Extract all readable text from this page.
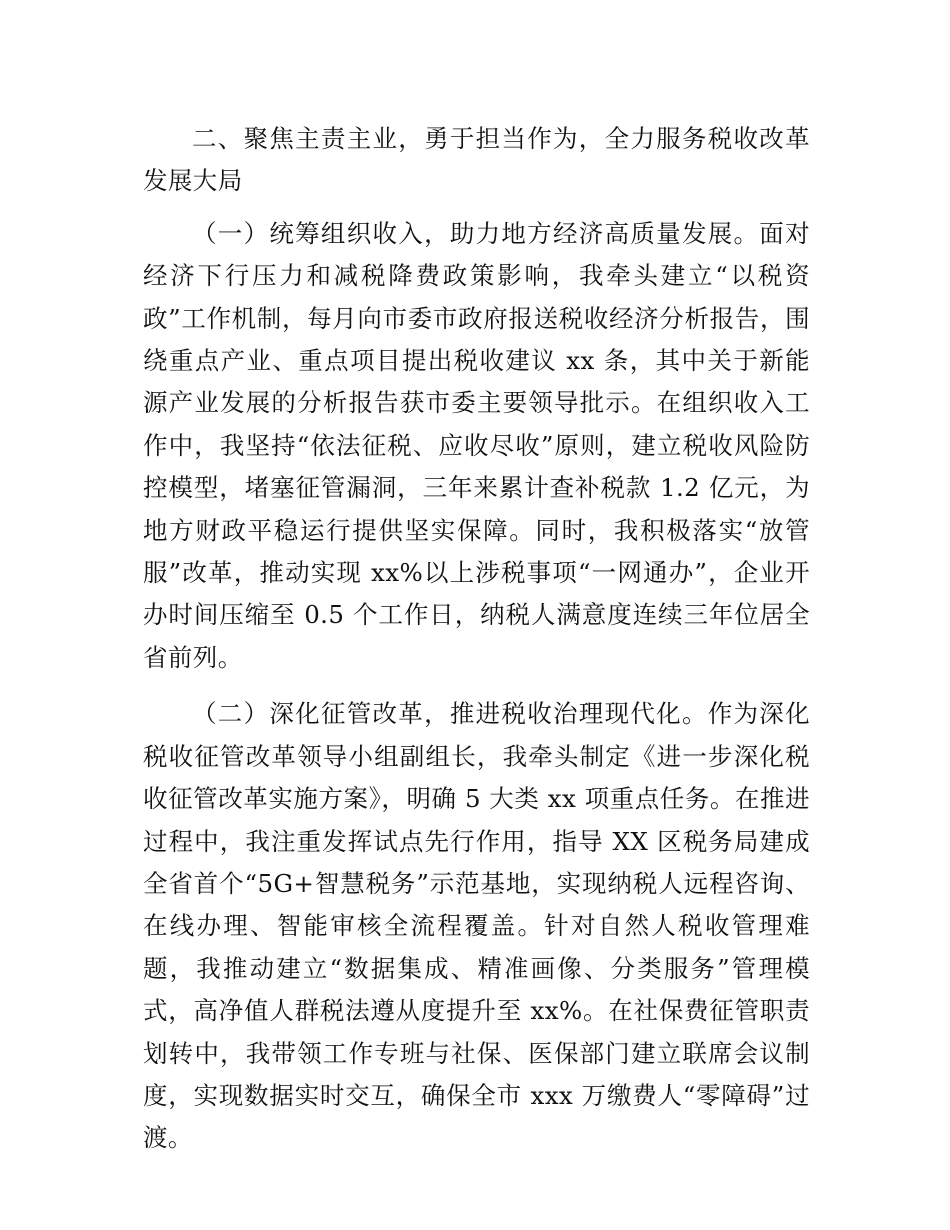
二、聚焦主责主业，勇于担当作为，全力服务税收改革发展大局

（一）统筹组织收入，助力地方经济高质量发展。面对经济下行压力和减税降费政策影响，我牵头建立“以税资政”工作机制，每月向市委市政府报送税收经济分析报告，围绕重点产业、重点项目提出税收建议 xx 条，其中关于新能源产业发展的分析报告获市委主要领导批示。在组织收入工作中，我坚持“依法征税、应收尽收”原则，建立税收风险防控模型，堵塞征管漏洞，三年来累计查补税款 1.2 亿元，为地方财政平稳运行提供坚实保障。同时，我积极落实“放管服”改革，推动实现 xx%以上涉税事项“一网通办”，企业开办时间压缩至 0.5 个工作日，纳税人满意度连续三年位居全省前列。

（二）深化征管改革，推进税收治理现代化。作为深化税收征管改革领导小组副组长，我牵头制定《进一步深化税收征管改革实施方案》，明确 5 大类 xx 项重点任务。在推进过程中，我注重发挥试点先行作用，指导 XX 区税务局建成全省首个“5G+智慧税务”示范基地，实现纳税人远程咨询、在线办理、智能审核全流程覆盖。针对自然人税收管理难题，我推动建立“数据集成、精准画像、分类服务”管理模式，高净值人群税法遵从度提升至 xx%。在社保费征管职责划转中，我带领工作专班与社保、医保部门建立联席会议制度，实现数据实时交互，确保全市 xxx 万缴费人“零障碍”过渡。
